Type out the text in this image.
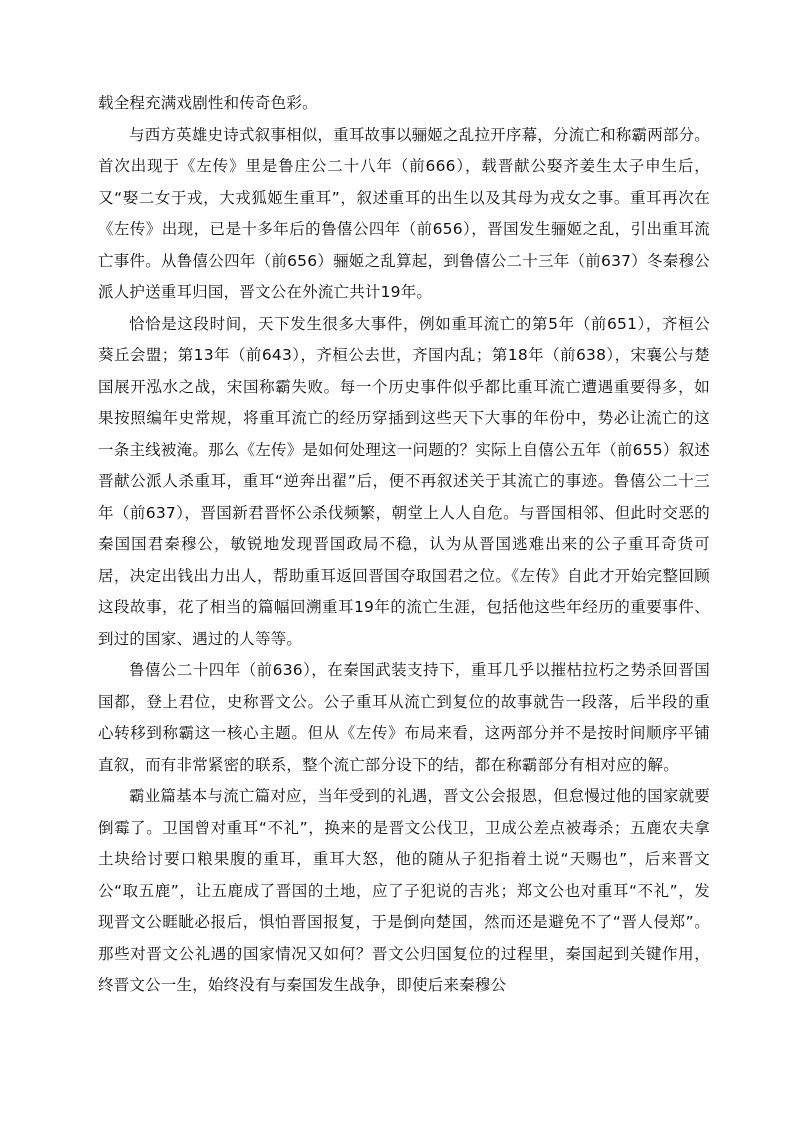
载全程充满戏剧性和传奇色彩。

与西方英雄史诗式叙事相似，重耳故事以骊姬之乱拉开序幕，分流亡和称霸两部分。首次出现于《左传》里是鲁庄公二十八年（前666），载晋献公娶齐姜生太子申生后，又“娶二女于戎，大戎狐姬生重耳”，叙述重耳的出生以及其母为戎女之事。重耳再次在《左传》出现，已是十多年后的鲁僖公四年（前656），晋国发生骊姬之乱，引出重耳流亡事件。从鲁僖公四年（前656）骊姬之乱算起，到鲁僖公二十三年（前637）冬秦穆公派人护送重耳归国，晋文公在外流亡共计19年。

恰恰是这段时间，天下发生很多大事件，例如重耳流亡的第5年（前651），齐桓公葵丘会盟；第13年（前643），齐桓公去世，齐国内乱；第18年（前638），宋襄公与楚国展开泓水之战，宋国称霸失败。每一个历史事件似乎都比重耳流亡遭遇重要得多，如果按照编年史常规，将重耳流亡的经历穿插到这些天下大事的年份中，势必让流亡的这一条主线被淹。那么《左传》是如何处理这一问题的？实际上自僖公五年（前655）叙述晋献公派人杀重耳，重耳“逆奔出翟”后，便不再叙述关于其流亡的事迹。鲁僖公二十三年（前637），晋国新君晋怀公杀伐频繁，朝堂上人人自危。与晋国相邻、但此时交恶的秦国国君秦穆公，敏锐地发现晋国政局不稳，认为从晋国逃难出来的公子重耳奇货可居，决定出钱出力出人，帮助重耳返回晋国夺取国君之位。《左传》自此才开始完整回顾这段故事，花了相当的篇幅回溯重耳19年的流亡生涯，包括他这些年经历的重要事件、到过的国家、遇过的人等等。

鲁僖公二十四年（前636），在秦国武装支持下，重耳几乎以摧枯拉朽之势杀回晋国国都，登上君位，史称晋文公。公子重耳从流亡到复位的故事就告一段落，后半段的重心转移到称霸这一核心主题。但从《左传》布局来看，这两部分并不是按时间顺序平铺直叙，而有非常紧密的联系，整个流亡部分设下的结，都在称霸部分有相对应的解。

霸业篇基本与流亡篇对应，当年受到的礼遇，晋文公会报恩，但怠慢过他的国家就要倒霉了。卫国曾对重耳“不礼”，换来的是晋文公伐卫，卫成公差点被毒杀；五鹿农夫拿土块给讨要口粮果腹的重耳，重耳大怒，他的随从子犯指着土说“天赐也”，后来晋文公“取五鹿”，让五鹿成了晋国的土地，应了子犯说的吉兆；郑文公也对重耳“不礼”，发现晋文公睚眦必报后，惧怕晋国报复，于是倒向楚国，然而还是避免不了“晋人侵郑”。那些对晋文公礼遇的国家情况又如何？晋文公归国复位的过程里，秦国起到关键作用，终晋文公一生，始终没有与秦国发生战争，即使后来秦穆公
